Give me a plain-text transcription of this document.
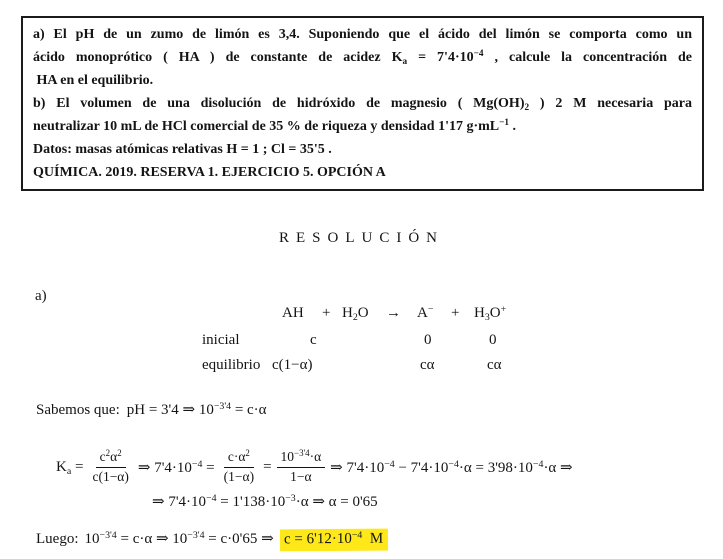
a) El pH de un zumo de limón es 3,4. Suponiendo que el ácido del limón se comporta como un
ácido monoprótico ( HA ) de constante de acidez $K_a = 7'4\cdot 10^{-4}$ , calcule la concentración de
HA en el equilibrio.
b) El volumen de una disolución de hidróxido de magnesio ( $Mg(OH)_2$ ) 2 M necesaria para
neutralizar 10 mL de HCl comercial de 35 % de riqueza y densidad 1'17 $g\cdot mL^{-1}$ .
Datos: masas atómicas relativas H = 1 ; Cl = 35'5 .
QUÍMICA. 2019. RESERVA 1. EJERCICIO 5. OPCIÓN A
RESOLUCIÓN
a)
AH + $H_2O \to A^- + H_3O^+$
inicial	c	0	0
equilibrio c(1−α)	cα	cα
Sabemos que: pH = 3'4 ⇒ $10^{-3'4} = c\cdot\alpha$
$K_a = \frac{c^2\alpha^2}{c(1-\alpha)}$ ⇒ $7'4\cdot 10^{-4} = \frac{c\cdot\alpha^2}{(1-\alpha)} = \frac{10^{-3'4}\cdot\alpha}{1-\alpha}$ ⇒ $7'4\cdot 10^{-4} - 7'4\cdot 10^{-4}\cdot\alpha = 3'98\cdot 10^{-4}\cdot\alpha$ ⇒
⇒ $7'4\cdot 10^{-4} = 1'138\cdot 10^{-3}\cdot\alpha$ ⇒ α = 0'65
Luego: $10^{-3'4} = c\cdot\alpha$ ⇒ $10^{-3'4} = c\cdot 0'65$ ⇒ $c = 6'12\cdot 10^{-4}$  M
